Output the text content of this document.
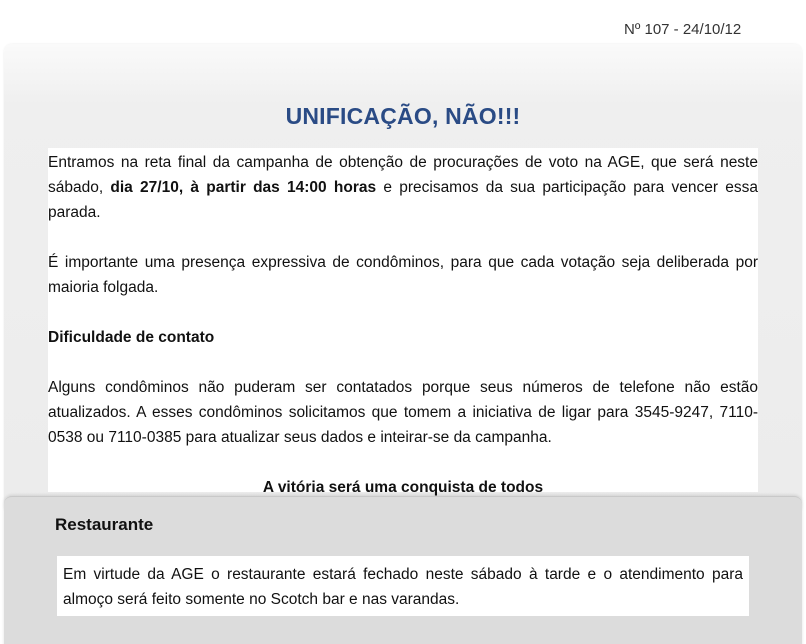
Nº 107 - 24/10/12
UNIFICAÇÃO, NÃO!!!

Entramos na reta final da campanha de obtenção de procurações de voto na AGE, que será neste sábado, dia 27/10, à partir das 14:00 horas e precisamos da sua participação para vencer essa parada.

É importante uma presença expressiva de condôminos, para que cada votação seja deliberada por maioria folgada.

Dificuldade de contato

Alguns condôminos não puderam ser contatados porque seus números de telefone não estão atualizados. A esses condôminos solicitamos que tomem a iniciativa de ligar para 3545-9247, 7110-0538 ou 7110-0385 para atualizar seus dados e inteirar-se da campanha.

A vitória será uma conquista de todos

Restaurante
Em virtude da AGE o restaurante estará fechado neste sábado à tarde e o atendimento para almoço será feito somente no Scotch bar e nas varandas.
